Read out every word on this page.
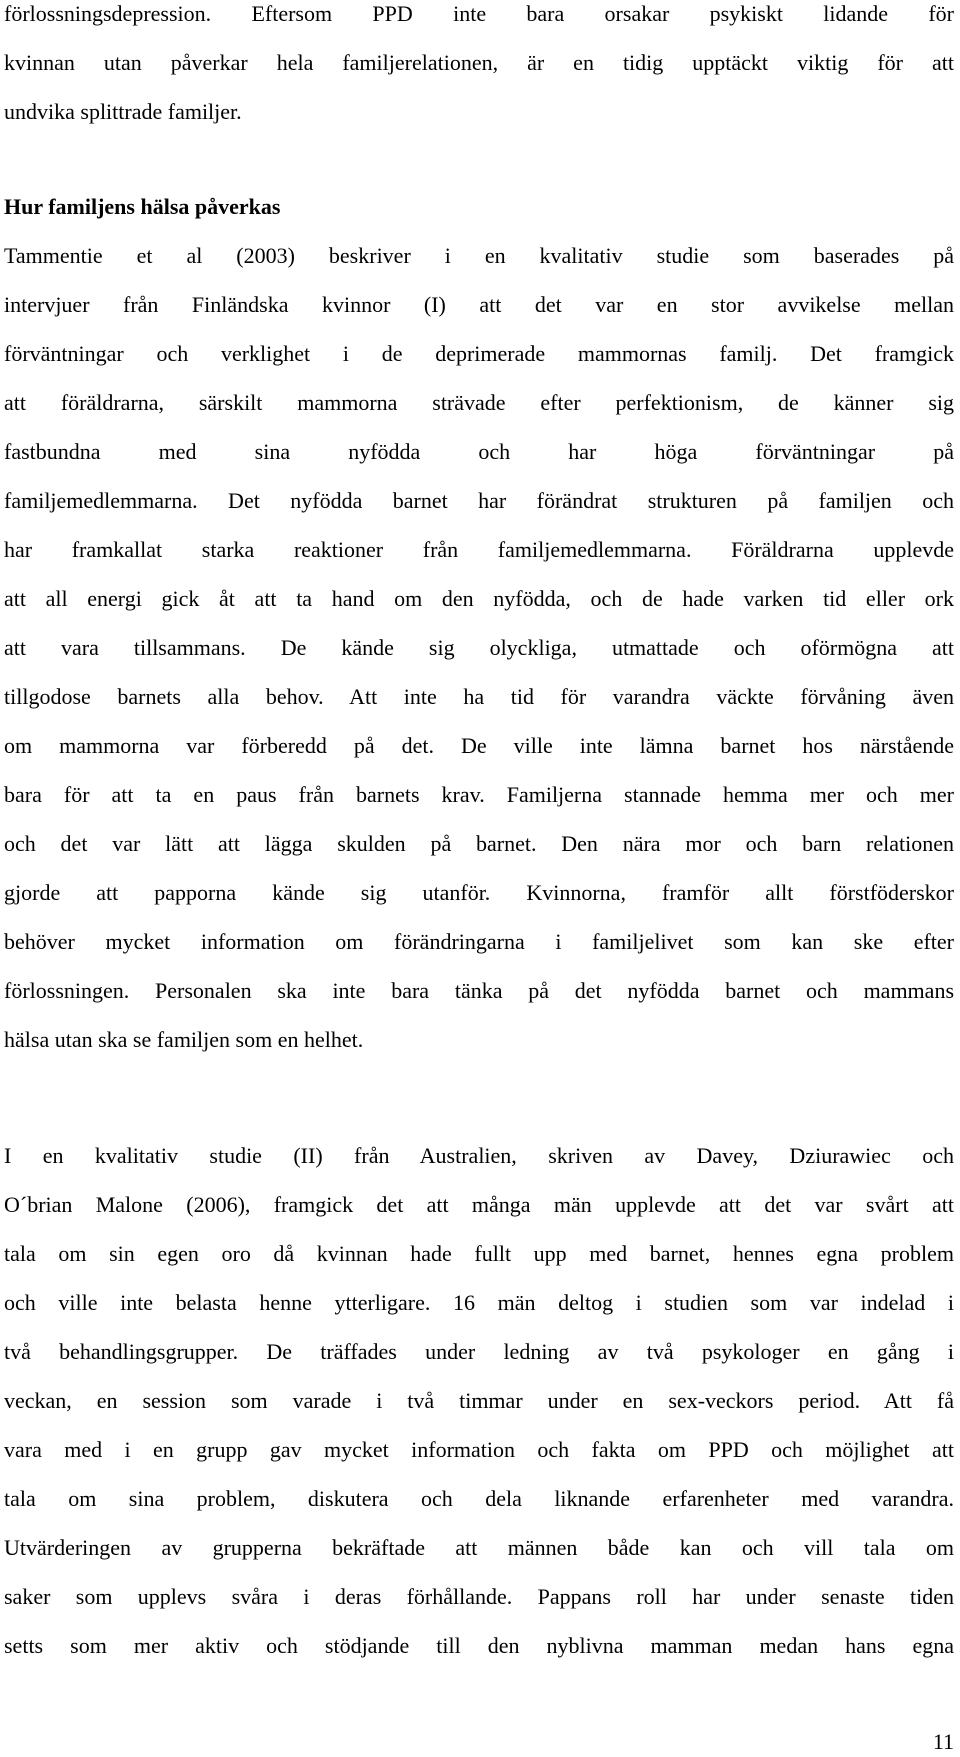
förlossningsdepression. Eftersom PPD inte bara orsakar psykiskt lidande för
kvinnan utan påverkar hela familjerelationen, är en tidig upptäckt viktig för att
undvika splittrade familjer.
Hur familjens hälsa påverkas
Tammentie et al (2003) beskriver i en kvalitativ studie som baserades på
intervjuer från Finländska kvinnor (I) att det var en stor avvikelse mellan
förväntningar och verklighet i de deprimerade mammornas familj. Det framgick
att föräldrarna, särskilt mammorna strävade efter perfektionism, de känner sig
fastbundna med sina nyfödda och har höga förväntningar på
familjemedlemmarna. Det nyfödda barnet har förändrat strukturen på familjen och
har framkallat starka reaktioner från familjemedlemmarna. Föräldrarna upplevde
att all energi gick åt att ta hand om den nyfödda, och de hade varken tid eller ork
att vara tillsammans. De kände sig olyckliga, utmattade och oförmögna att
tillgodose barnets alla behov. Att inte ha tid för varandra väckte förvåning även
om mammorna var förberedd på det. De ville inte lämna barnet hos närstående
bara för att ta en paus från barnets krav. Familjerna stannade hemma mer och mer
och det var lätt att lägga skulden på barnet. Den nära mor och barn relationen
gjorde att papporna kände sig utanför. Kvinnorna, framför allt förstföderskor
behöver mycket information om förändringarna i familjelivet som kan ske efter
förlossningen. Personalen ska inte bara tänka på det nyfödda barnet och mammans
hälsa utan ska se familjen som en helhet.
I en kvalitativ studie (II) från Australien, skriven av Davey, Dziurawiec och
O´brian Malone (2006), framgick det att många män upplevde att det var svårt att
tala om sin egen oro då kvinnan hade fullt upp med barnet, hennes egna problem
och ville inte belasta henne ytterligare. 16 män deltog i studien som var indelad i
två behandlingsgrupper. De träffades under ledning av två psykologer en gång i
veckan, en session som varade i två timmar under en sex-veckors period. Att få
vara med i en grupp gav mycket information och fakta om PPD och möjlighet att
tala om sina problem, diskutera och dela liknande erfarenheter med varandra.
Utvärderingen av grupperna bekräftade att männen både kan och vill tala om
saker som upplevs svåra i deras förhållande. Pappans roll har under senaste tiden
setts som mer aktiv och stödjande till den nyblivna mamman medan hans egna
11
